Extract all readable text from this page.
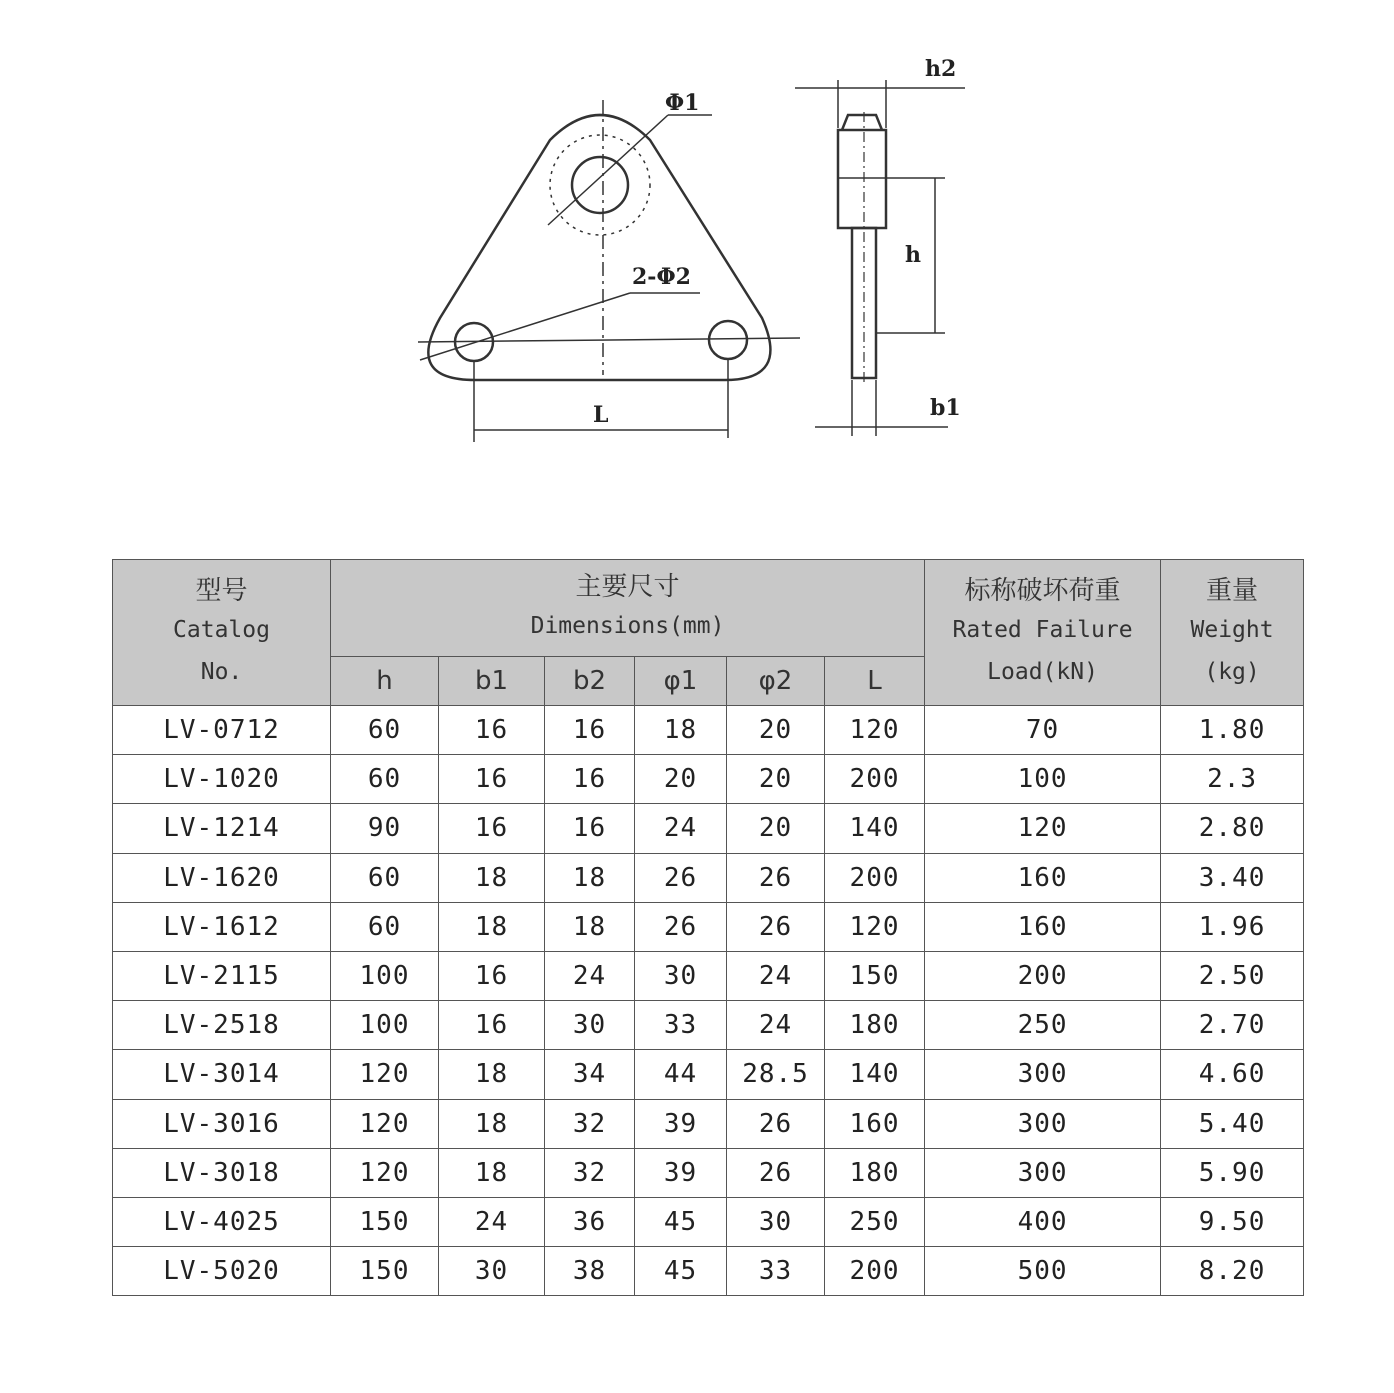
Φ1
2-Φ2
L
h2
h
b1
型号
Catalog
No.	主要尺寸
Dimensions(mm)						标称破坏荷重
Rated Failure
Load(kN)	重量
Weight
(kg)

	h	b1	b2	φ1	φ2	L		
LV-0712	60	16	16	18	20	120	70	1.80
LV-1020	60	16	16	20	20	200	100	2.3
LV-1214	90	16	16	24	20	140	120	2.80
LV-1620	60	18	18	26	26	200	160	3.40
LV-1612	60	18	18	26	26	120	160	1.96
LV-2115	100	16	24	30	24	150	200	2.50
LV-2518	100	16	30	33	24	180	250	2.70
LV-3014	120	18	34	44	28.5	140	300	4.60
LV-3016	120	18	32	39	26	160	300	5.40
LV-3018	120	18	32	39	26	180	300	5.90
LV-4025	150	24	36	45	30	250	400	9.50
LV-5020	150	30	38	45	33	200	500	8.20
